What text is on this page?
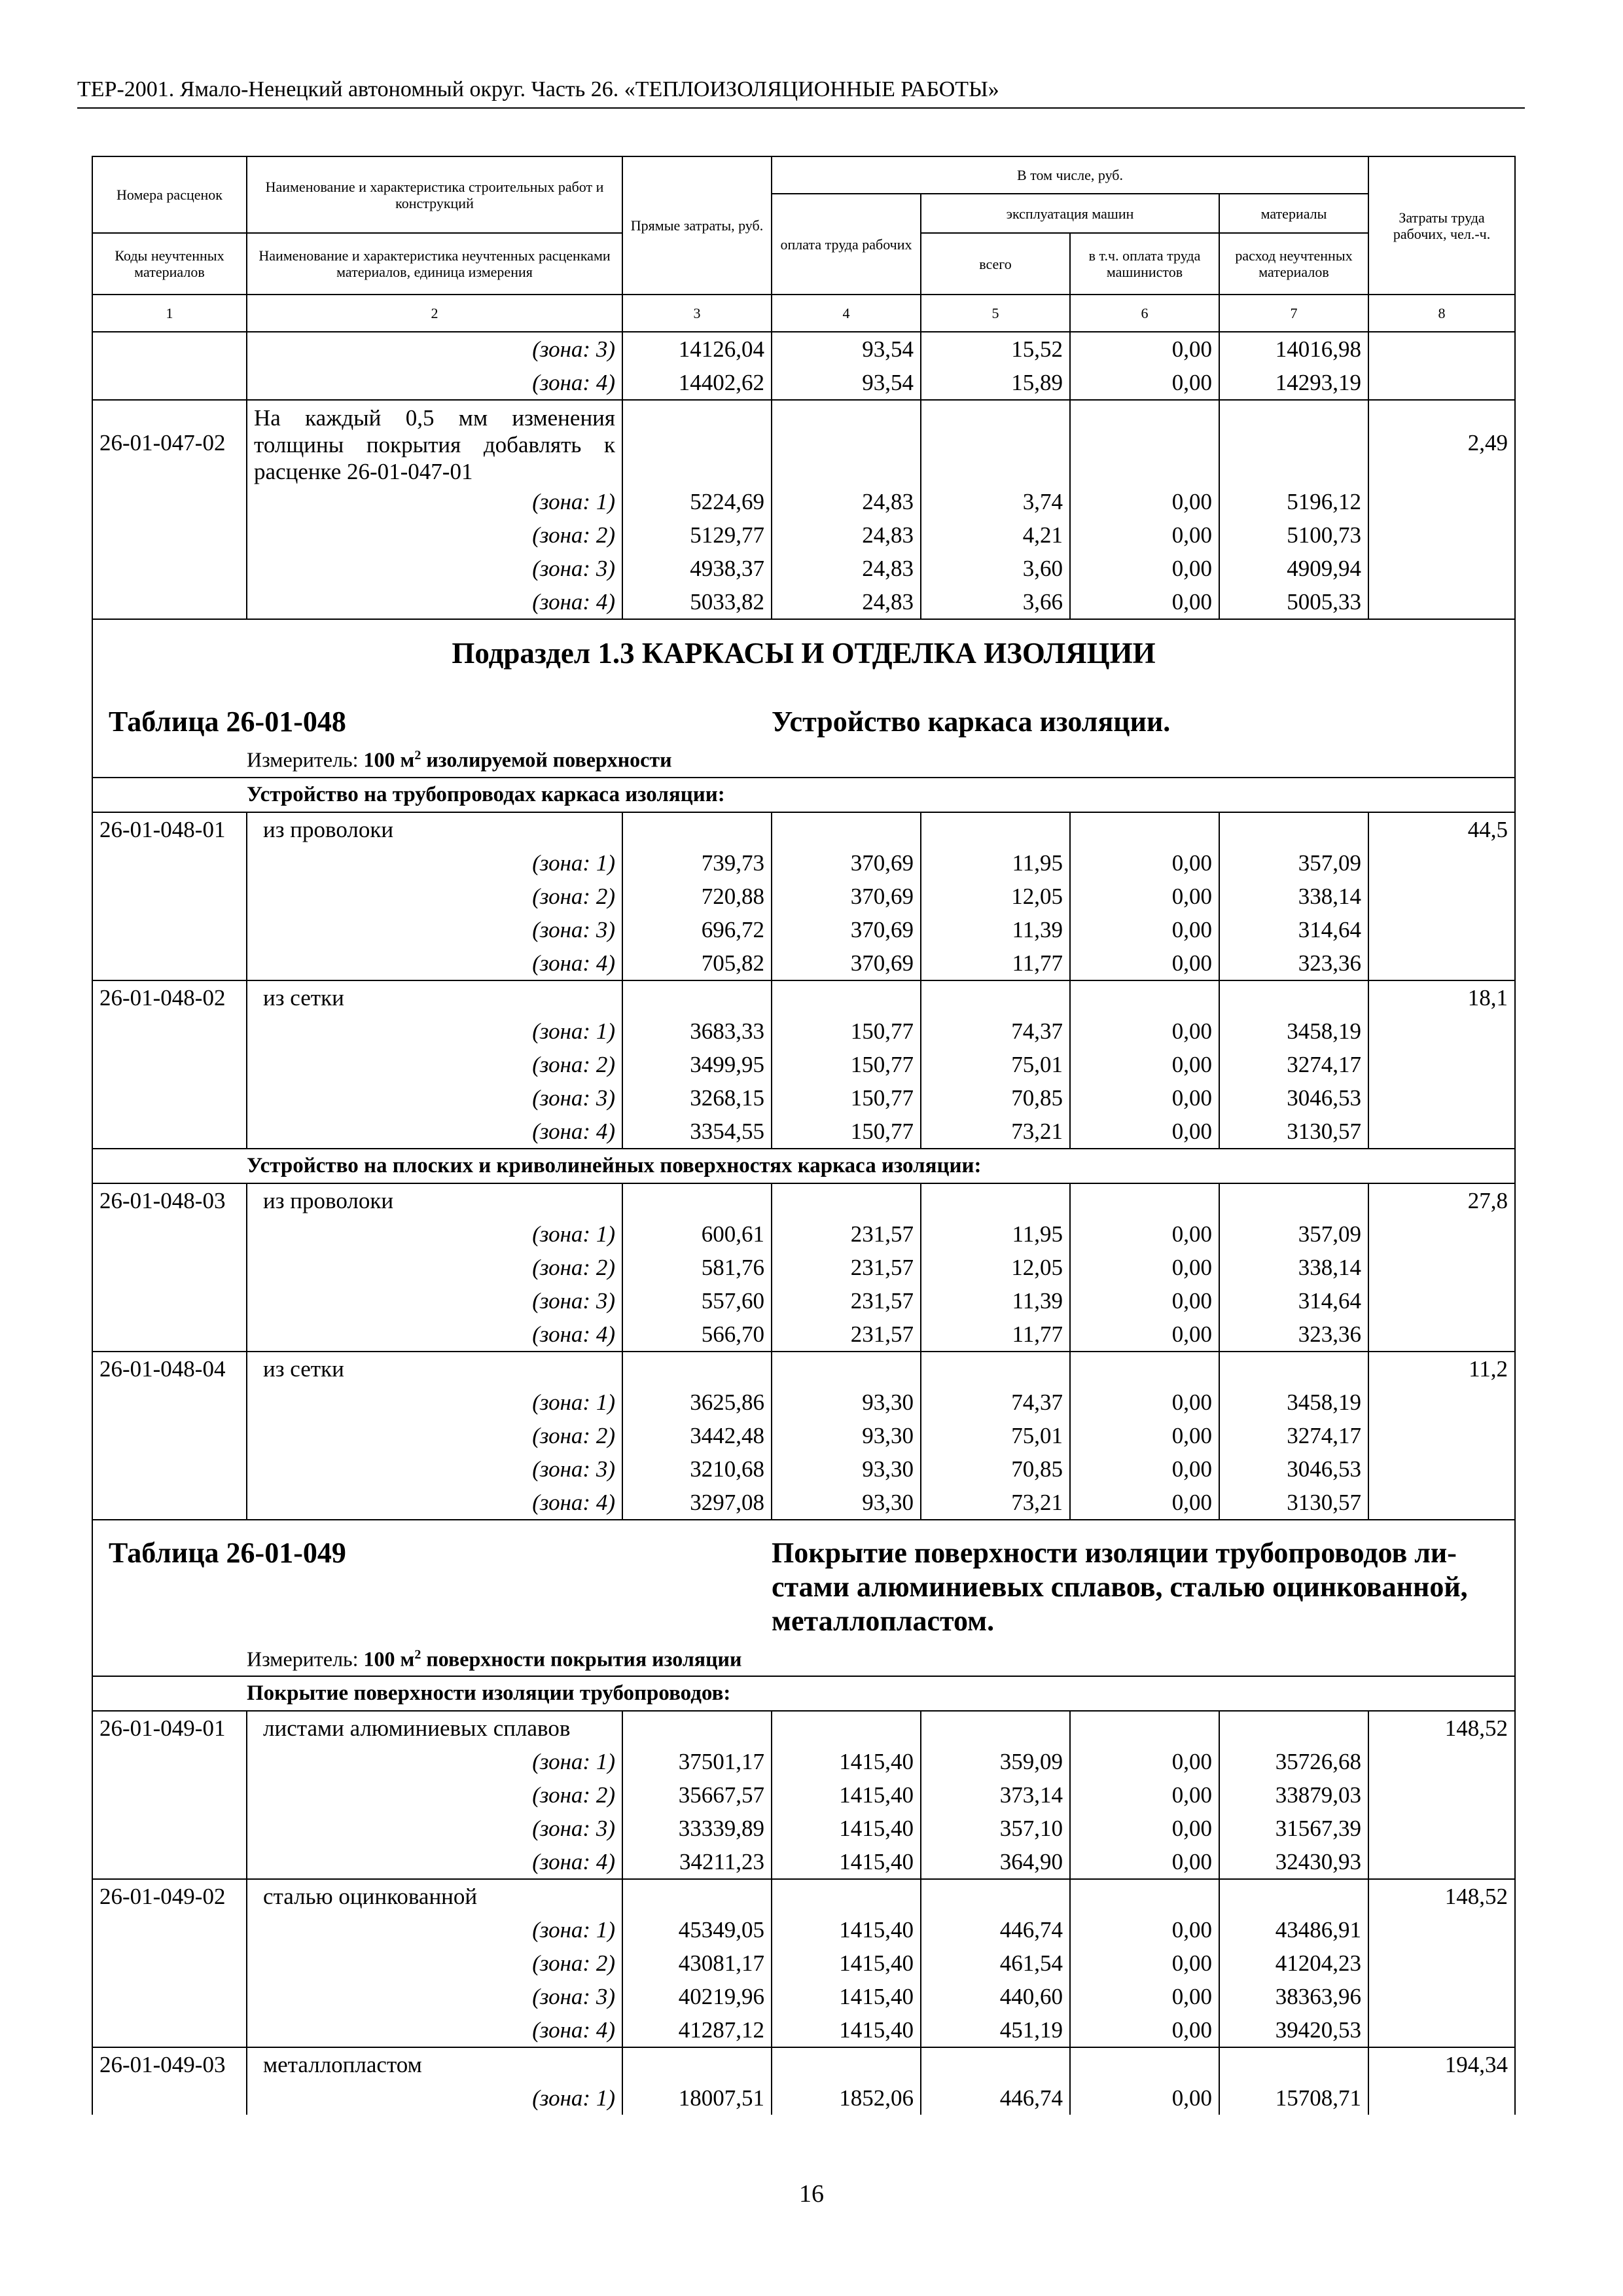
ТЕР-2001. Ямало-Ненецкий автономный округ. Часть 26. «ТЕПЛОИЗОЛЯЦИОННЫЕ РАБОТЫ»
Номера расценок	Наименование и характеристика строительных работ и конструкций	Прямые затраты, руб.	В том числе, руб.				Затраты труда рабочих, чел.-ч.
			оплата труда рабочих	эксплуатация машин		материалы	
Коды неучтенных материалов	Наименование и характеристика неучтенных расценками материалов, единица измерения			всего	в т.ч. оплата труда машинистов	расход неучтенных материалов	
1	2	3	4	5	6	7	8
	(зона: 3)	14126,04	93,54	15,52	0,00	14016,98	
	(зона: 4)	14402,62	93,54	15,89	0,00	14293,19	
26-01-047-02	На каждый 0,5 мм изменения толщины покрытия добавлять к расценке 26-01-047-01						2,49
	(зона: 1)	5224,69	24,83	3,74	0,00	5196,12	
	(зона: 2)	5129,77	24,83	4,21	0,00	5100,73	
	(зона: 3)	4938,37	24,83	3,60	0,00	4909,94	
	(зона: 4)	5033,82	24,83	3,66	0,00	5005,33	
Подраздел 1.3 КАРКАСЫ И ОТДЕЛКА ИЗОЛЯЦИИ							

Таблица 26-01-048			Устройство каркаса изоляции.				
	Измеритель: 100 $м^2$ изолируемой поверхности						
	Устройство на трубопроводах каркаса изоляции:						
26-01-048-01	из проволоки						44,5
	(зона: 1)	739,73	370,69	11,95	0,00	357,09	
	(зона: 2)	720,88	370,69	12,05	0,00	338,14	
	(зона: 3)	696,72	370,69	11,39	0,00	314,64	
	(зона: 4)	705,82	370,69	11,77	0,00	323,36	
26-01-048-02	из сетки						18,1
	(зона: 1)	3683,33	150,77	74,37	0,00	3458,19	
	(зона: 2)	3499,95	150,77	75,01	0,00	3274,17	
	(зона: 3)	3268,15	150,77	70,85	0,00	3046,53	
	(зона: 4)	3354,55	150,77	73,21	0,00	3130,57	
	Устройство на плоских и криволинейных поверхностях каркаса изоляции:						
26-01-048-03	из проволоки						27,8
	(зона: 1)	600,61	231,57	11,95	0,00	357,09	
	(зона: 2)	581,76	231,57	12,05	0,00	338,14	
	(зона: 3)	557,60	231,57	11,39	0,00	314,64	
	(зона: 4)	566,70	231,57	11,77	0,00	323,36	
26-01-048-04	из сетки						11,2
	(зона: 1)	3625,86	93,30	74,37	0,00	3458,19	
	(зона: 2)	3442,48	93,30	75,01	0,00	3274,17	
	(зона: 3)	3210,68	93,30	70,85	0,00	3046,53	
	(зона: 4)	3297,08	93,30	73,21	0,00	3130,57	

Таблица 26-01-049			Покрытие поверхности изоляции трубопроводов ли-
стами алюминиевых сплавов, сталью оцинкованной,
металлопластом.				

	Измеритель: 100 $м^2$ поверхности покрытия изоляции						
	Покрытие поверхности изоляции трубопроводов:						
26-01-049-01	листами алюминиевых сплавов						148,52
	(зона: 1)	37501,17	1415,40	359,09	0,00	35726,68	
	(зона: 2)	35667,57	1415,40	373,14	0,00	33879,03	
	(зона: 3)	33339,89	1415,40	357,10	0,00	31567,39	
	(зона: 4)	34211,23	1415,40	364,90	0,00	32430,93	
26-01-049-02	сталью оцинкованной						148,52
	(зона: 1)	45349,05	1415,40	446,74	0,00	43486,91	
	(зона: 2)	43081,17	1415,40	461,54	0,00	41204,23	
	(зона: 3)	40219,96	1415,40	440,60	0,00	38363,96	
	(зона: 4)	41287,12	1415,40	451,19	0,00	39420,53	
26-01-049-03	металлопластом						194,34
	(зона: 1)	18007,51	1852,06	446,74	0,00	15708,71	
16
